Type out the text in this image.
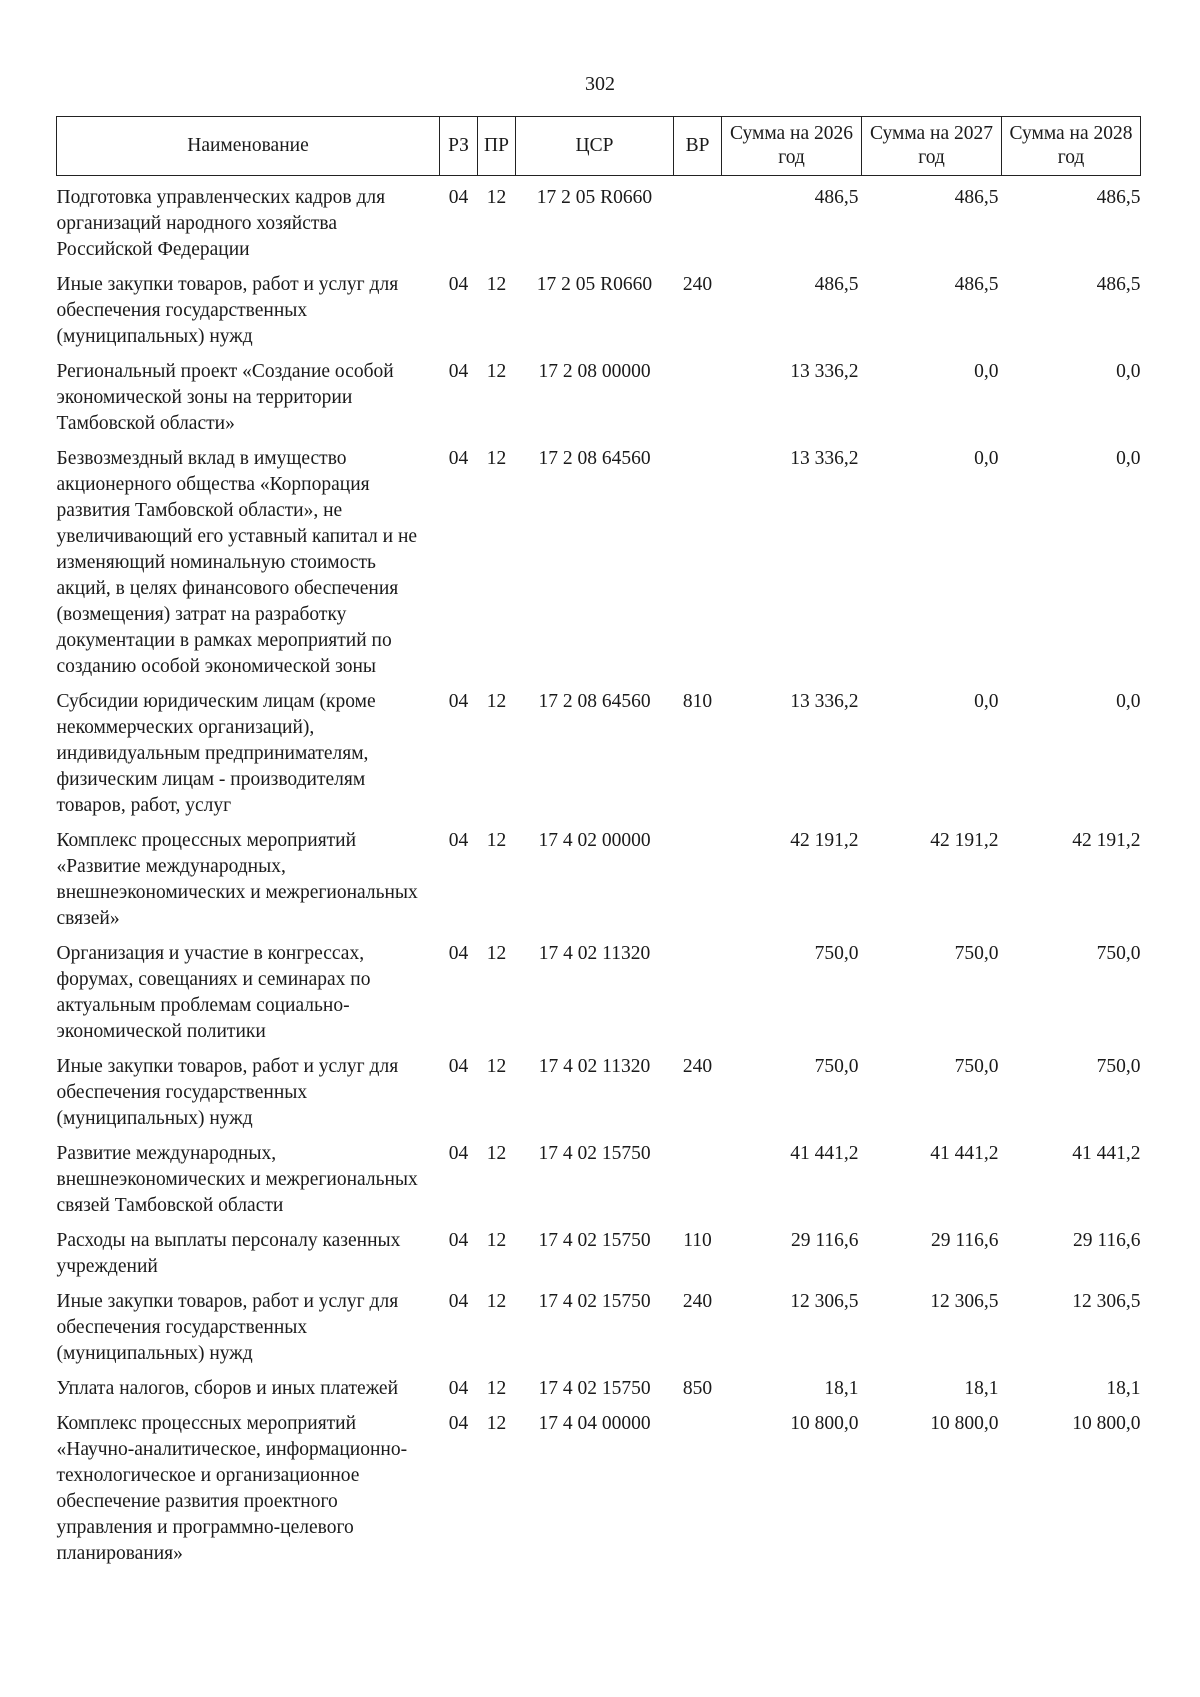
302
Наименование	РЗ	ПР	ЦСР	ВР	Сумма на 2026 год	Сумма на 2027 год	Сумма на 2028 год
Подготовка управленческих кадров для организаций народного хозяйства Российской Федерации	04	12	17 2 05 R0660		486,5	486,5	486,5
Иные закупки товаров, работ и услуг для обеспечения государственных (муниципальных) нужд	04	12	17 2 05 R0660	240	486,5	486,5	486,5
Региональный проект «Создание особой экономической зоны на территории Тамбовской области»	04	12	17 2 08 00000		13 336,2	0,0	0,0
Безвозмездный вклад в имущество акционерного общества «Корпорация развития Тамбовской области», не увеличивающий его уставный капитал и не изменяющий номинальную стоимость акций, в целях финансового обеспечения (возмещения) затрат на разработку документации в рамках мероприятий по созданию особой экономической зоны	04	12	17 2 08 64560		13 336,2	0,0	0,0
Субсидии юридическим лицам (кроме некоммерческих организаций), индивидуальным предпринимателям, физическим лицам - производителям товаров, работ, услуг	04	12	17 2 08 64560	810	13 336,2	0,0	0,0
Комплекс процессных мероприятий «Развитие международных, внешнеэкономических и межрегиональных связей»	04	12	17 4 02 00000		42 191,2	42 191,2	42 191,2
Организация и участие в конгрессах, форумах, совещаниях и семинарах по актуальным проблемам социально-экономической политики	04	12	17 4 02 11320		750,0	750,0	750,0
Иные закупки товаров, работ и услуг для обеспечения государственных (муниципальных) нужд	04	12	17 4 02 11320	240	750,0	750,0	750,0
Развитие международных, внешнеэкономических и межрегиональных связей Тамбовской области	04	12	17 4 02 15750		41 441,2	41 441,2	41 441,2
Расходы на выплаты персоналу казенных учреждений	04	12	17 4 02 15750	110	29 116,6	29 116,6	29 116,6
Иные закупки товаров, работ и услуг для обеспечения государственных (муниципальных) нужд	04	12	17 4 02 15750	240	12 306,5	12 306,5	12 306,5
Уплата налогов, сборов и иных платежей	04	12	17 4 02 15750	850	18,1	18,1	18,1
Комплекс процессных мероприятий «Научно-аналитическое, информационно-технологическое и организационное обеспечение развития проектного управления и программно-целевого планирования»	04	12	17 4 04 00000		10 800,0	10 800,0	10 800,0
